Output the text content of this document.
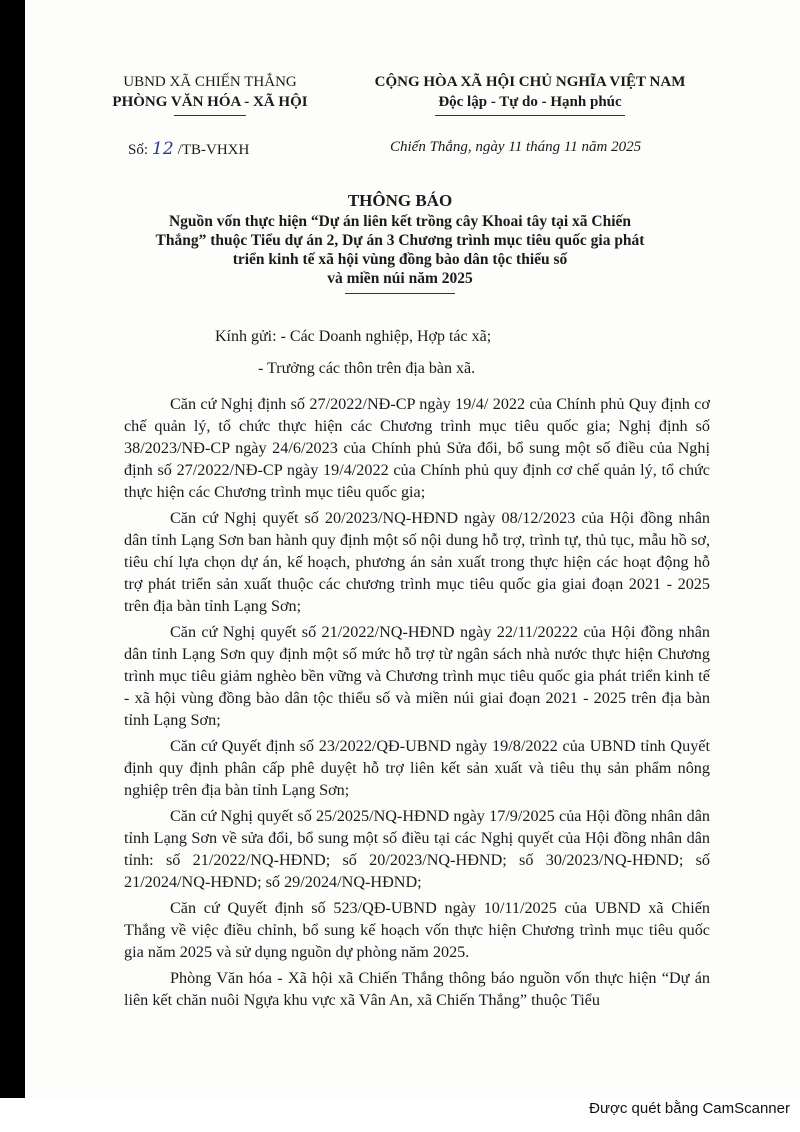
UBND XÃ CHIẾN THẮNG
PHÒNG VĂN HÓA - XÃ HỘI
CỘNG HÒA XÃ HỘI CHỦ NGHĨA VIỆT NAM
Độc lập - Tự do - Hạnh phúc
Số: 12 /TB-VHXH	Chiến Thắng, ngày 11 tháng 11 năm 2025
THÔNG BÁO
Nguồn vốn thực hiện “Dự án liên kết trồng cây Khoai tây tại xã Chiến
Thắng” thuộc Tiểu dự án 2, Dự án 3 Chương trình mục tiêu quốc gia phát
triển kinh tế xã hội vùng đồng bào dân tộc thiểu số
và miền núi năm 2025
Kính gửi: - Các Doanh nghiệp, Hợp tác xã;
- Trưởng các thôn trên địa bàn xã.

Căn cứ Nghị định số 27/2022/NĐ-CP ngày 19/4/ 2022 của Chính phủ Quy định cơ chế quản lý, tổ chức thực hiện các Chương trình mục tiêu quốc gia; Nghị định số 38/2023/NĐ-CP ngày 24/6/2023 của Chính phủ Sửa đổi, bổ sung một số điều của Nghị định số 27/2022/NĐ-CP ngày 19/4/2022 của Chính phủ quy định cơ chế quản lý, tổ chức thực hiện các Chương trình mục tiêu quốc gia;

Căn cứ Nghị quyết số 20/2023/NQ-HĐND ngày 08/12/2023 của Hội đồng nhân dân tỉnh Lạng Sơn ban hành quy định một số nội dung hỗ trợ, trình tự, thủ tục, mẫu hồ sơ, tiêu chí lựa chọn dự án, kế hoạch, phương án sản xuất trong thực hiện các hoạt động hỗ trợ phát triển sản xuất thuộc các chương trình mục tiêu quốc gia giai đoạn 2021 - 2025 trên địa bàn tỉnh Lạng Sơn;

Căn cứ Nghị quyết số 21/2022/NQ-HĐND ngày 22/11/20222 của Hội đồng nhân dân tỉnh Lạng Sơn quy định một số mức hỗ trợ từ ngân sách nhà nước thực hiện Chương trình mục tiêu giảm nghèo bền vững và Chương trình mục tiêu quốc gia phát triển kinh tế - xã hội vùng đồng bào dân tộc thiểu số và miền núi giai đoạn 2021 - 2025 trên địa bàn tỉnh Lạng Sơn;

Căn cứ Quyết định số 23/2022/QĐ-UBND ngày 19/8/2022 của UBND tỉnh Quyết định quy định phân cấp phê duyệt hỗ trợ liên kết sản xuất và tiêu thụ sản phẩm nông nghiệp trên địa bàn tỉnh Lạng Sơn;

Căn cứ Nghị quyết số 25/2025/NQ-HĐND ngày 17/9/2025 của Hội đồng nhân dân tỉnh Lạng Sơn về sửa đổi, bổ sung một số điều tại các Nghị quyết của Hội đồng nhân dân tỉnh: số 21/2022/NQ-HĐND; số 20/2023/NQ-HĐND; số 30/2023/NQ-HĐND; số 21/2024/NQ-HĐND; số 29/2024/NQ-HĐND;

Căn cứ Quyết định số 523/QĐ-UBND ngày 10/11/2025 của UBND xã Chiến Thắng về việc điều chỉnh, bổ sung kế hoạch vốn thực hiện Chương trình mục tiêu quốc gia năm 2025 và sử dụng nguồn dự phòng năm 2025.

Phòng Văn hóa - Xã hội xã Chiến Thắng thông báo nguồn vốn thực hiện “Dự án liên kết chăn nuôi Ngựa khu vực xã Vân An, xã Chiến Thắng” thuộc Tiểu

Được quét bằng CamScanner
